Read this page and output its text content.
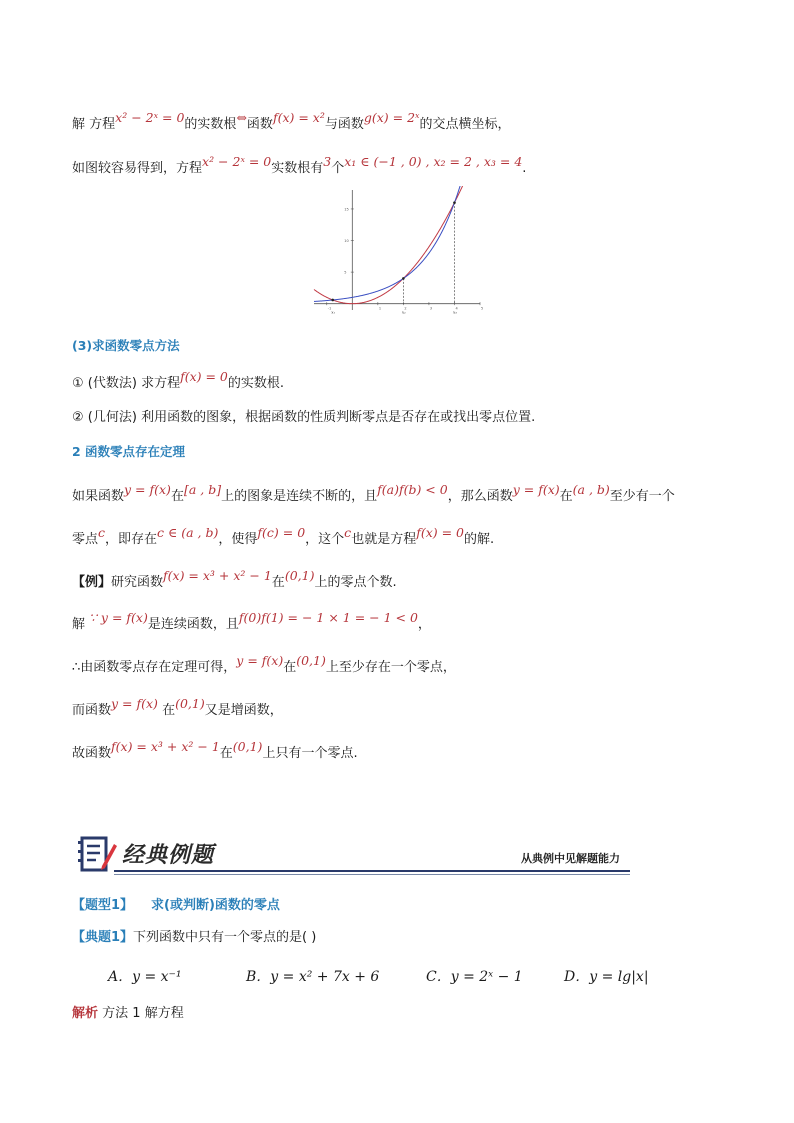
解 方程x² − 2ˣ = 0的实数根⇔函数f(x) = x²与函数g(x) = 2ˣ的交点横坐标，
如图较容易得到，方程x² − 2ˣ = 0实数根有3个x₁ ∈ (−1 , 0) , x₂ = 2 , x₃ = 4.
-1	1	2	3	4	5
5
10
15
x₁	x₂	x₃
(3)求函数零点方法
① (代数法) 求方程f(x) = 0的实数根.
② (几何法) 利用函数的图象，根据函数的性质判断零点是否存在或找出零点位置.
2 函数零点存在定理
如果函数y = f(x)在[a , b]上的图象是连续不断的，且f(a)f(b) < 0，那么函数y = f(x)在(a , b)至少有一个
零点c，即存在c ∈ (a , b)，使得f(c) = 0，这个c也就是方程f(x) = 0的解.
【例】研究函数f(x) = x³ + x² − 1在(0,1)上的零点个数.
解 ∵ y = f(x)是连续函数，且f(0)f(1) = − 1 × 1 = − 1 < 0，
∴由函数零点存在定理可得，y = f(x)在(0,1)上至少存在一个零点，
而函数y = f(x) 在(0,1)又是增函数，
故函数f(x) = x³ + x² − 1在(0,1)上只有一个零点.
经典例题	从典例中见解题能力
【题型1】 求(或判断)函数的零点
【典题1】下列函数中只有一个零点的是( )
A．y = x⁻¹	B．y = x² + 7x + 6	C．y = 2ˣ − 1	D．y = lg|x|
解析 方法 1 解方程
